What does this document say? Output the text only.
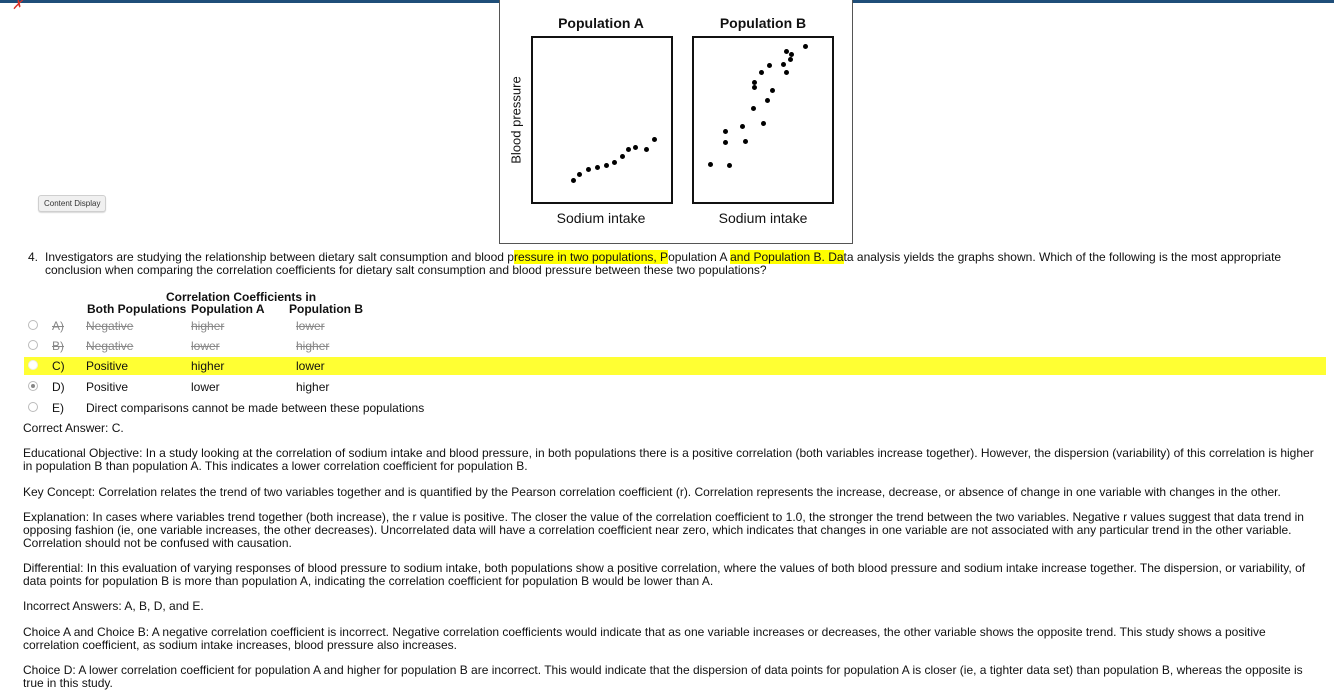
✗
Content Display
Population A	Population B
Blood pressure
Sodium intake	Sodium intake
4. Investigators are studying the relationship between dietary salt consumption and blood pressure in two populations, Population A and Population B. Data analysis yields the graphs shown. Which of the following is the most appropriate conclusion when comparing the correlation coefficients for dietary salt consumption and blood pressure between these two populations?
Correlation Coefficients in
Both Populations Population A Population B
A) Negative	higher	lower
B) Negative	lower	higher
C) Positive	higher	lower
D) Positive	lower	higher
E) Direct comparisons cannot be made between these populations
Correct Answer: C.
Educational Objective: In a study looking at the correlation of sodium intake and blood pressure, in both populations there is a positive correlation (both variables increase together). However, the dispersion (variability) of this correlation is higher in population B than population A. This indicates a lower correlation coefficient for population B.
Key Concept: Correlation relates the trend of two variables together and is quantified by the Pearson correlation coefficient (r). Correlation represents the increase, decrease, or absence of change in one variable with changes in the other.
Explanation: In cases where variables trend together (both increase), the r value is positive. The closer the value of the correlation coefficient to 1.0, the stronger the trend between the two variables. Negative r values suggest that data trend in opposing fashion (ie, one variable increases, the other decreases). Uncorrelated data will have a correlation coefficient near zero, which indicates that changes in one variable are not associated with any particular trend in the other variable. Correlation should not be confused with causation.
Differential: In this evaluation of varying responses of blood pressure to sodium intake, both populations show a positive correlation, where the values of both blood pressure and sodium intake increase together. The dispersion, or variability, of data points for population B is more than population A, indicating the correlation coefficient for population B would be lower than A.
Incorrect Answers: A, B, D, and E.
Choice A and Choice B: A negative correlation coefficient is incorrect. Negative correlation coefficients would indicate that as one variable increases or decreases, the other variable shows the opposite trend. This study shows a positive correlation coefficient, as sodium intake increases, blood pressure also increases.
Choice D: A lower correlation coefficient for population A and higher for population B are incorrect. This would indicate that the dispersion of data points for population A is closer (ie, a tighter data set) than population B, whereas the opposite is true in this study.
